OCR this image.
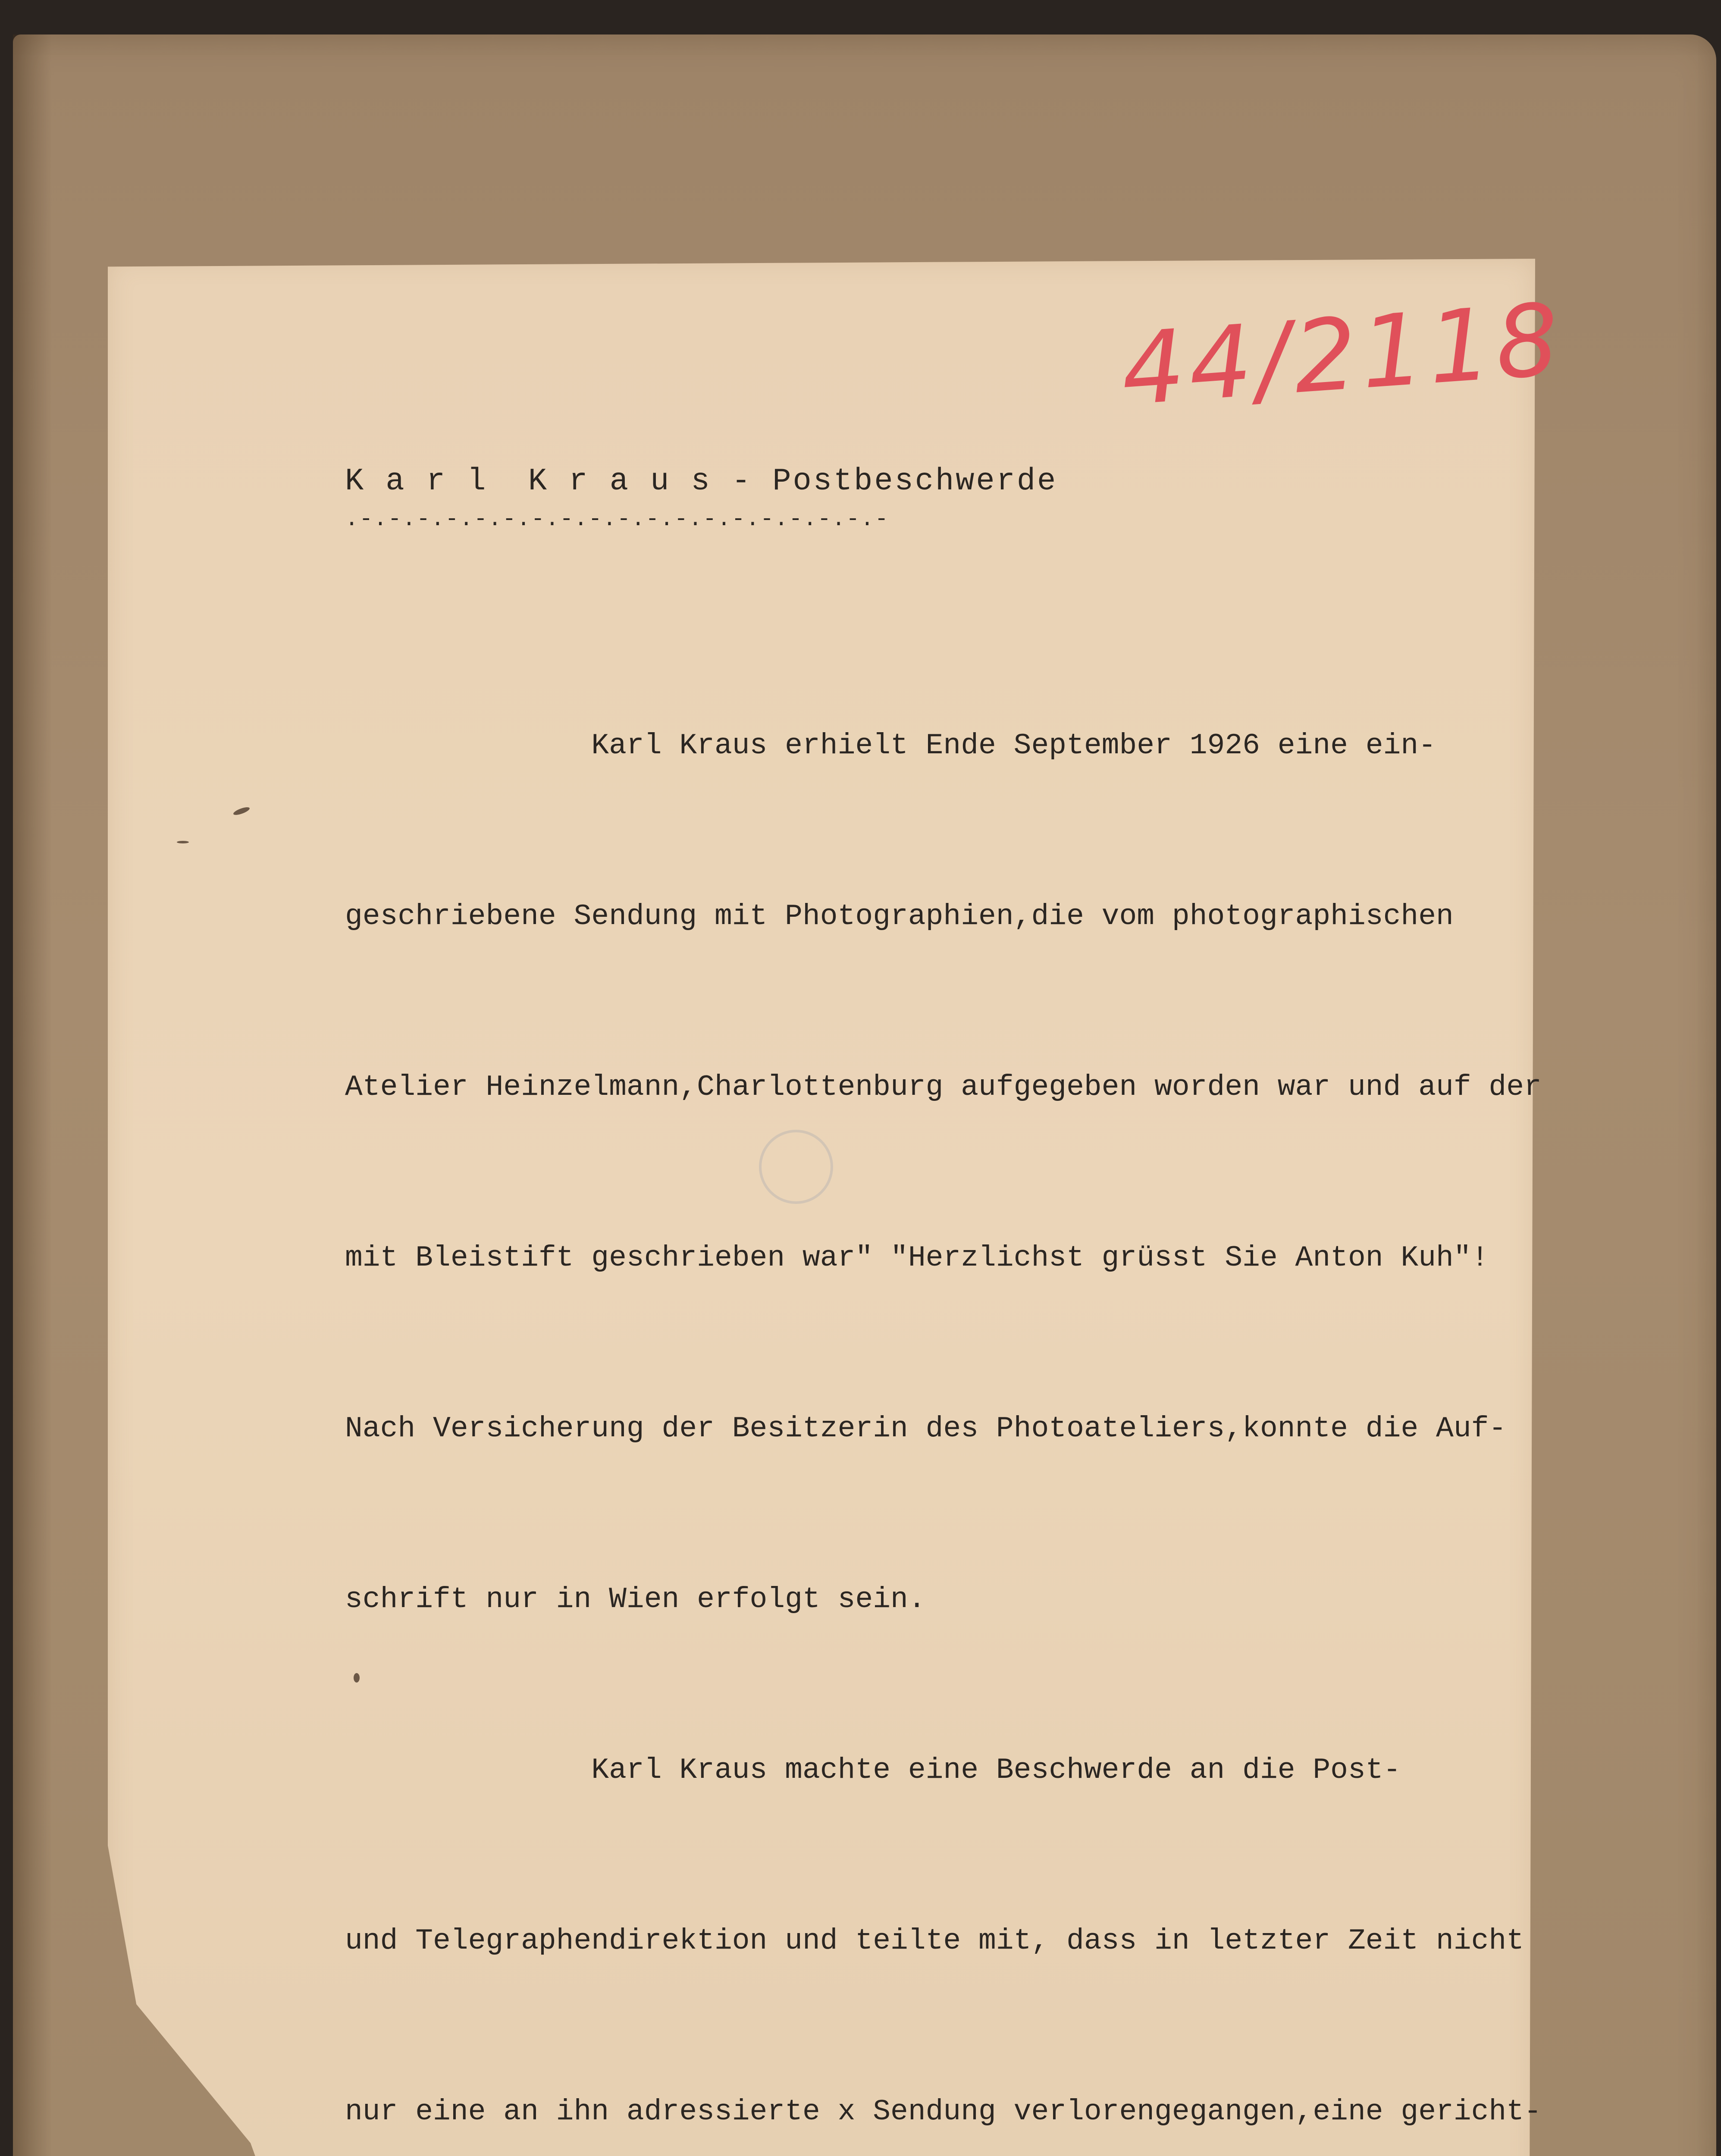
44/2118
K a r l  K r a u s - Postbeschwerde
.-.-.-.-.-.-.-.-.-.-.-.-.-.-.-.-.-.-.-

Karl Kraus erhielt Ende September 1926 eine ein-

geschriebene Sendung mit Photographien,die vom photographischen

Atelier Heinzelmann,Charlottenburg aufgegeben worden war und auf der

mit Bleistift geschrieben war" "Herzlichst grüsst Sie Anton Kuh"!

Nach Versicherung der Besitzerin des Photoateliers,konnte die Auf-

schrift nur in Wien erfolgt sein.

Karl Kraus machte eine Beschwerde an die Post-

und Telegraphendirektion und teilte mit, dass in letzter Zeit nicht

nur eine an ihn adressierte x Sendung verlorengegangen,eine gericht-
